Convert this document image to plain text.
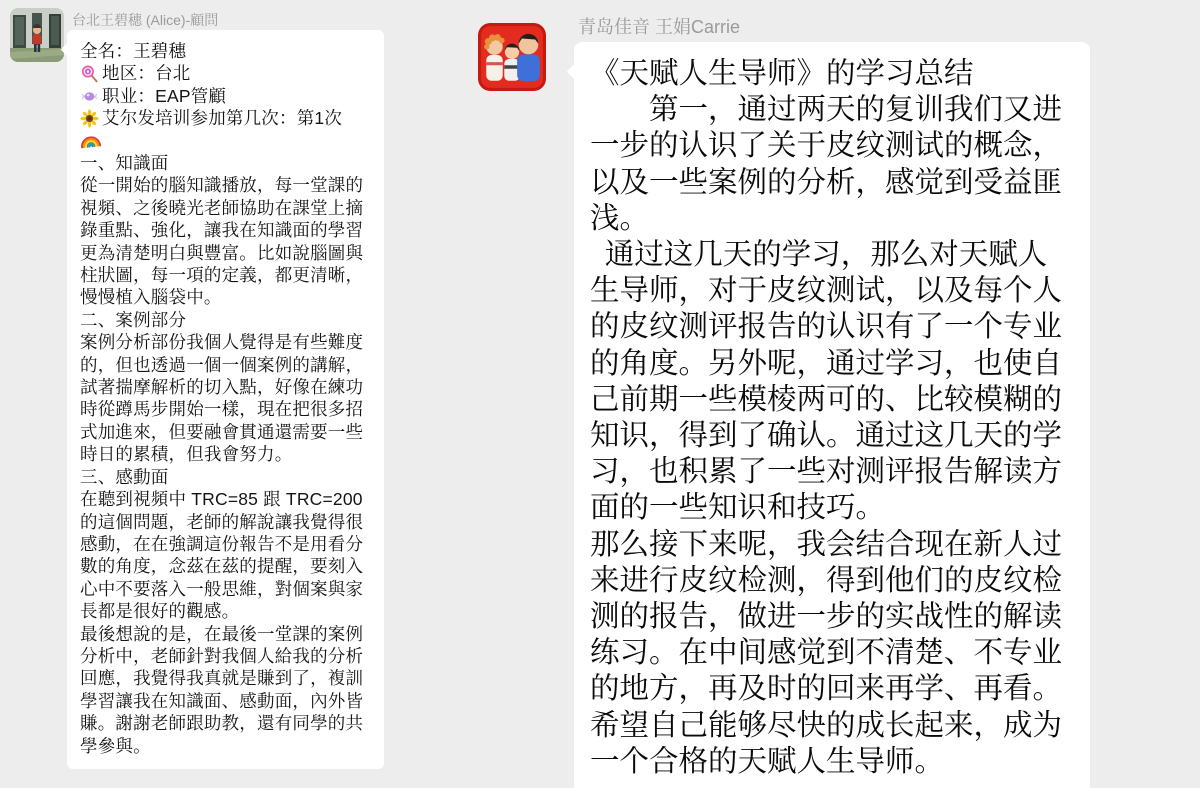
台北王碧穗 (Alice)-顧問
全名：王碧穗
地区：台北
职业：EAP管顧
艾尔发培训参加第几次：第1次
一、知識面
從一開始的腦知識播放，每一堂課的視頻、之後曉光老師協助在課堂上摘錄重點、強化，讓我在知識面的學習更為清楚明白與豐富。比如說腦圖與柱狀圖，每一項的定義，都更清晰，慢慢植入腦袋中。
二、案例部分
案例分析部份我個人覺得是有些難度的，但也透過一個一個案例的講解，試著揣摩解析的切入點，好像在練功時從蹲馬步開始一樣，現在把很多招式加進來，但要融會貫通還需要一些時日的累積，但我會努力。
三、感動面
在聽到視頻中 TRC=85 跟 TRC=200 的這個問題，老師的解說讓我覺得很感動，在在強調這份報告不是用看分數的角度，念茲在茲的提醒，要刻入心中不要落入一般思維，對個案與家長都是很好的觀感。
最後想說的是，在最後一堂課的案例分析中，老師針對我個人給我的分析回應，我覺得我真就是賺到了，複訓學習讓我在知識面、感動面，內外皆賺。謝謝老師跟助教，還有同學的共學參與。
青岛佳音 王娟Carrie
《天赋人生导师》的学习总结
　　第一，通过两天的复训我们又进一步的认识了关于皮纹测试的概念，以及一些案例的分析，感觉到受益匪浅。
通过这几天的学习，那么对天赋人生导师，对于皮纹测试，以及每个人的皮纹测评报告的认识有了一个专业的角度。另外呢，通过学习，也使自己前期一些模棱两可的、比较模糊的知识，得到了确认。通过这几天的学习，也积累了一些对测评报告解读方面的一些知识和技巧。
那么接下来呢，我会结合现在新人过来进行皮纹检测，得到他们的皮纹检测的报告，做进一步的实战性的解读练习。在中间感觉到不清楚、不专业的地方，再及时的回来再学、再看。
希望自己能够尽快的成长起来，成为一个合格的天赋人生导师。
